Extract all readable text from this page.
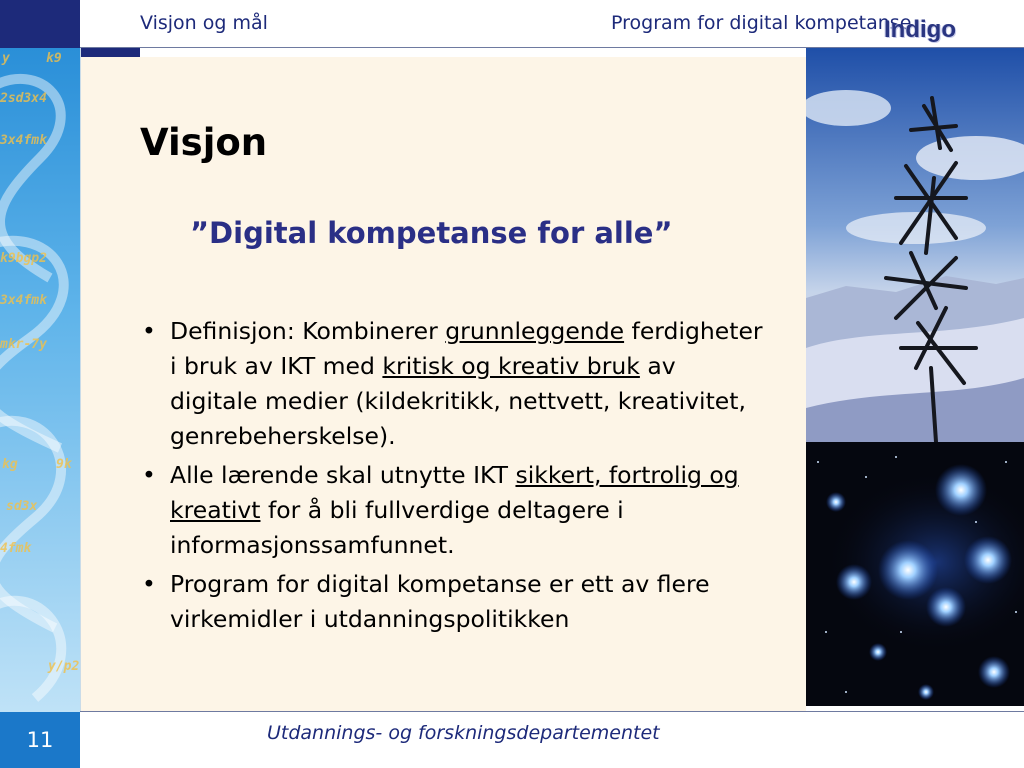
Visjon og mål	Program for digital kompetanse
Indigo
y	k9
2sd3x4
3x4fmk
k9bgp2
3x4fmk
mkr-7y
kg	9k
sd3x
4fmk
y/p2
Visjon
”Digital kompetanse for alle”
• Definisjon: Kombinerer grunnleggende ferdigheter i bruk av IKT med kritisk og kreativ bruk av digitale medier (kildekritikk, nettvett, kreativitet, genrebeherskelse).
• Alle lærende skal utnytte IKT sikkert, fortrolig og kreativt for å bli fullverdige deltagere i informasjonssamfunnet.
• Program for digital kompetanse er ett av flere virkemidler i utdanningspolitikken
11	Utdannings- og forskningsdepartementet
